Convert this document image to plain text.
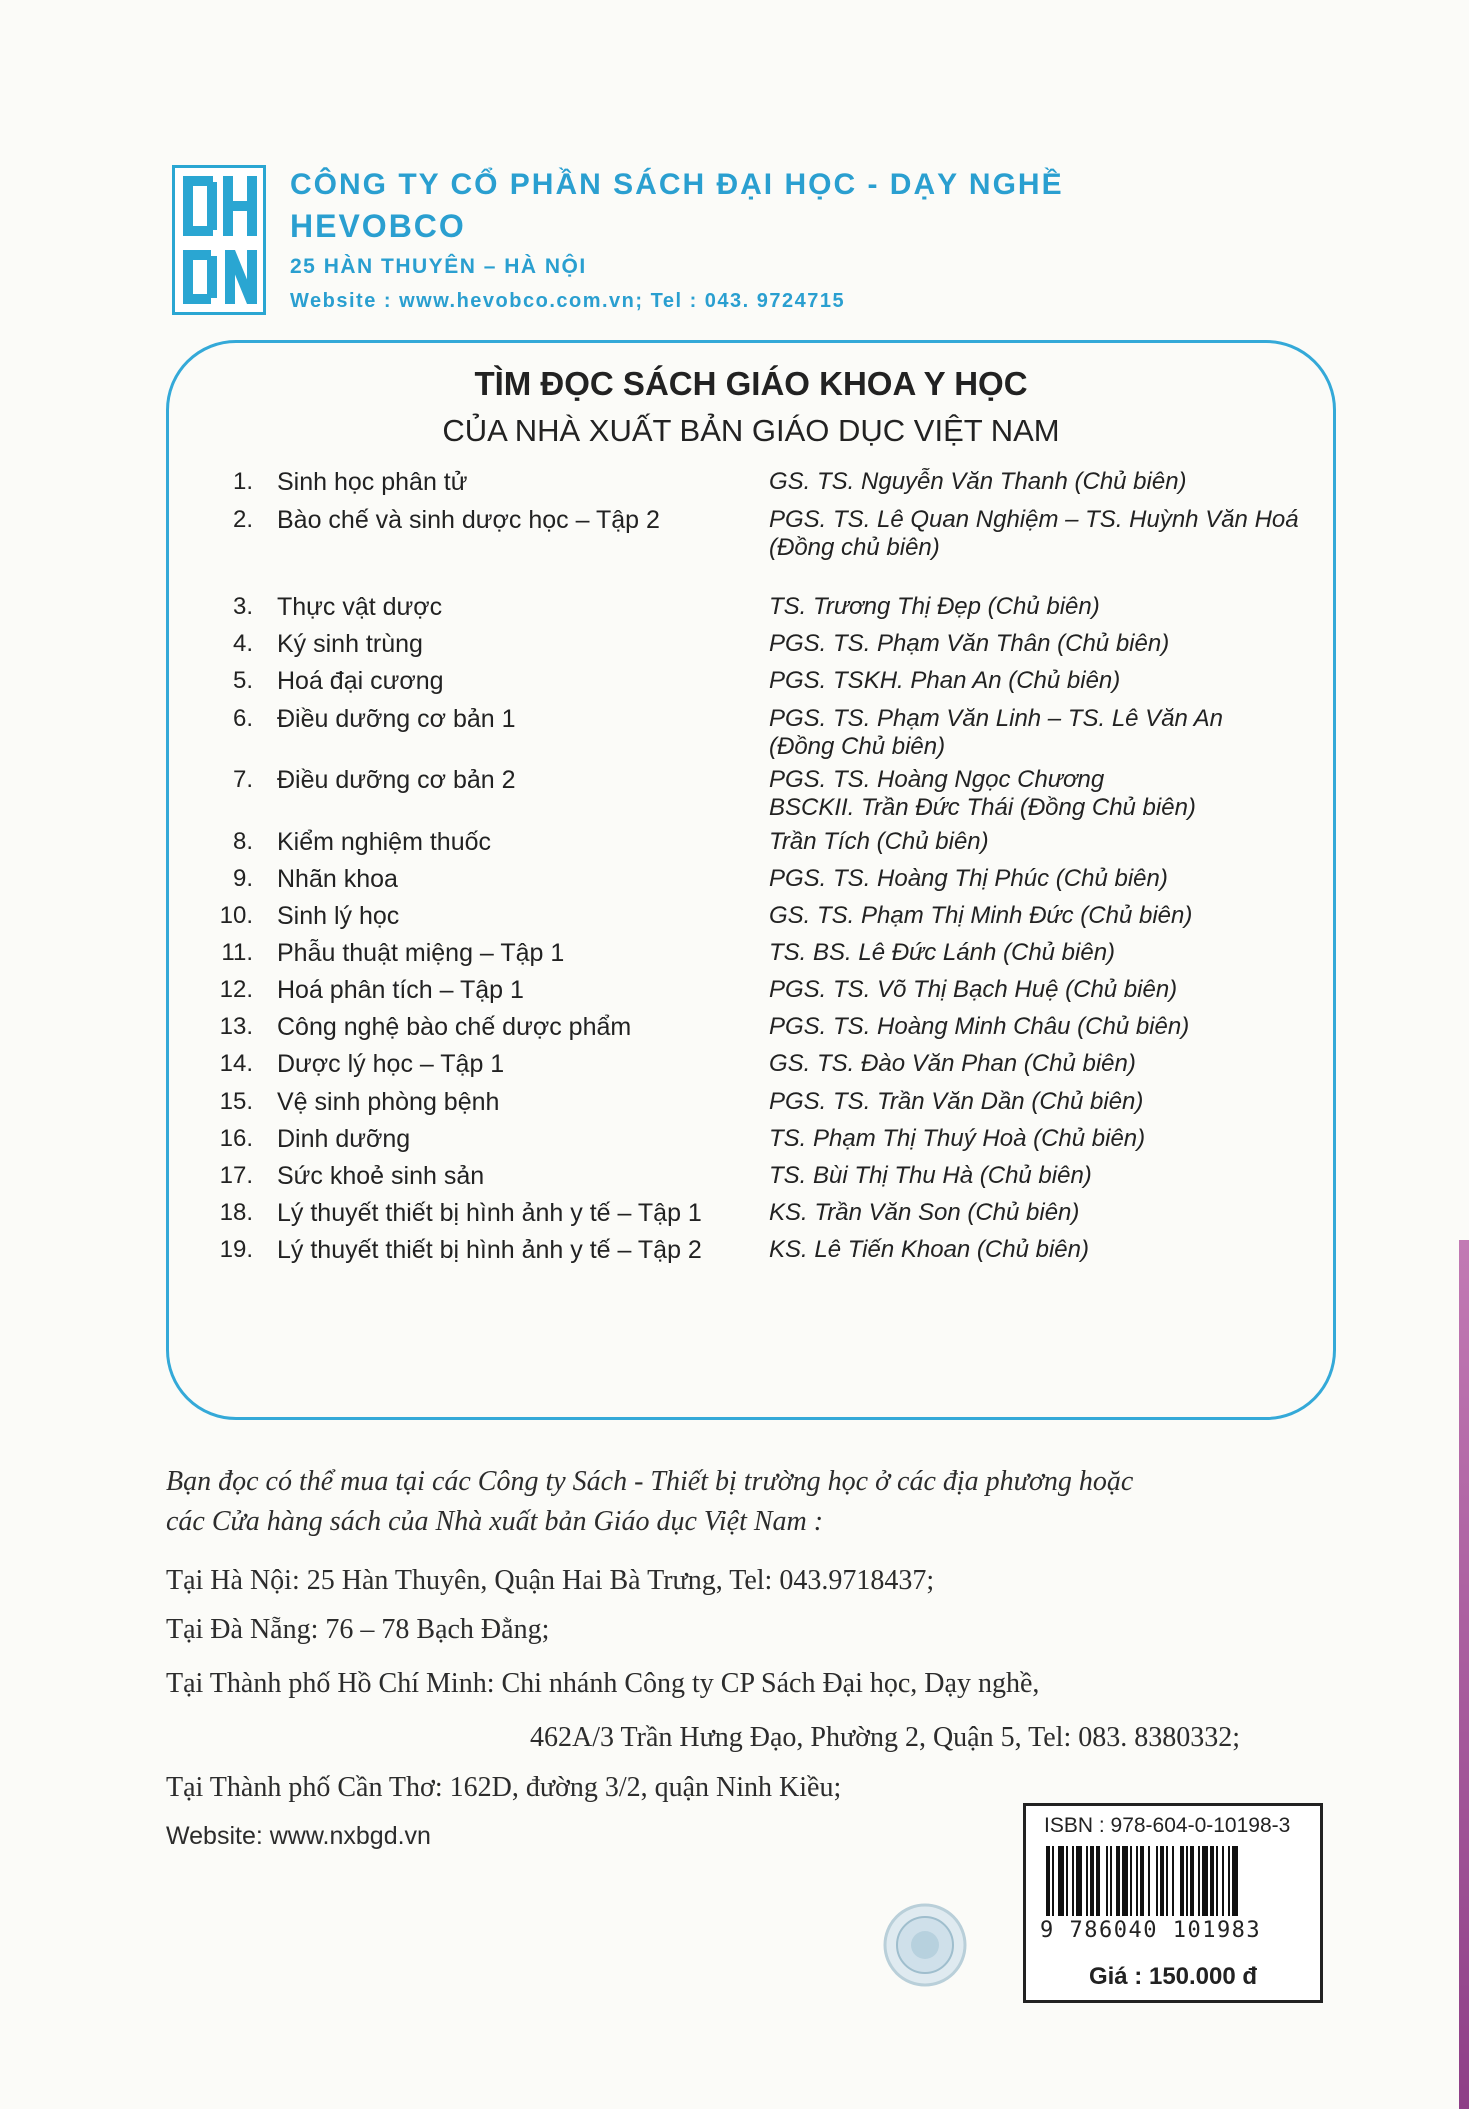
CÔNG TY CỔ PHẦN SÁCH ĐẠI HỌC - DẠY NGHỀ
HEVOBCO
25 HÀN THUYÊN – HÀ NỘI
Website : www.hevobco.com.vn; Tel : 043. 9724715
TÌM ĐỌC SÁCH GIÁO KHOA Y HỌC
CỦA NHÀ XUẤT BẢN GIÁO DỤC VIỆT NAM
1. Sinh học phân tử	GS. TS. Nguyễn Văn Thanh (Chủ biên)
2. Bào chế và sinh dược học – Tập 2	PGS. TS. Lê Quan Nghiệm – TS. Huỳnh Văn Hoá
(Đồng chủ biên)
3. Thực vật dược	TS. Trương Thị Đẹp (Chủ biên)
4. Ký sinh trùng	PGS. TS. Phạm Văn Thân (Chủ biên)
5. Hoá đại cương	PGS. TSKH. Phan An (Chủ biên)
6. Điều dưỡng cơ bản 1	PGS. TS. Phạm Văn Linh – TS. Lê Văn An
(Đồng Chủ biên)
7. Điều dưỡng cơ bản 2	PGS. TS. Hoàng Ngọc Chương
BSCKII. Trần Đức Thái (Đồng Chủ biên)
8. Kiểm nghiệm thuốc	Trần Tích (Chủ biên)
9. Nhãn khoa	PGS. TS. Hoàng Thị Phúc (Chủ biên)
10. Sinh lý học	GS. TS. Phạm Thị Minh Đức (Chủ biên)
11. Phẫu thuật miệng – Tập 1	TS. BS. Lê Đức Lánh (Chủ biên)
12. Hoá phân tích – Tập 1	PGS. TS. Võ Thị Bạch Huệ (Chủ biên)
13. Công nghệ bào chế dược phẩm	PGS. TS. Hoàng Minh Châu (Chủ biên)
14. Dược lý học – Tập 1	GS. TS. Đào Văn Phan (Chủ biên)
15. Vệ sinh phòng bệnh	PGS. TS. Trần Văn Dần (Chủ biên)
16. Dinh dưỡng	TS. Phạm Thị Thuý Hoà (Chủ biên)
17. Sức khoẻ sinh sản	TS. Bùi Thị Thu Hà (Chủ biên)
18. Lý thuyết thiết bị hình ảnh y tế – Tập 1	KS. Trần Văn Son (Chủ biên)
19. Lý thuyết thiết bị hình ảnh y tế – Tập 2	KS. Lê Tiến Khoan (Chủ biên)
Bạn đọc có thể mua tại các Công ty Sách - Thiết bị trường học ở các địa phương hoặc
các Cửa hàng sách của Nhà xuất bản Giáo dục Việt Nam :
Tại Hà Nội: 25 Hàn Thuyên, Quận Hai Bà Trưng, Tel: 043.9718437;
Tại Đà Nẵng: 76 – 78 Bạch Đằng;
Tại Thành phố Hồ Chí Minh: Chi nhánh Công ty CP Sách Đại học, Dạy nghề,
462A/3 Trần Hưng Đạo, Phường 2, Quận 5, Tel: 083. 8380332;
Tại Thành phố Cần Thơ: 162D, đường 3/2, quận Ninh Kiều;
Website: www.nxbgd.vn	ISBN : 978-604-0-10198-3
9 786040 101983
Giá : 150.000 đ
